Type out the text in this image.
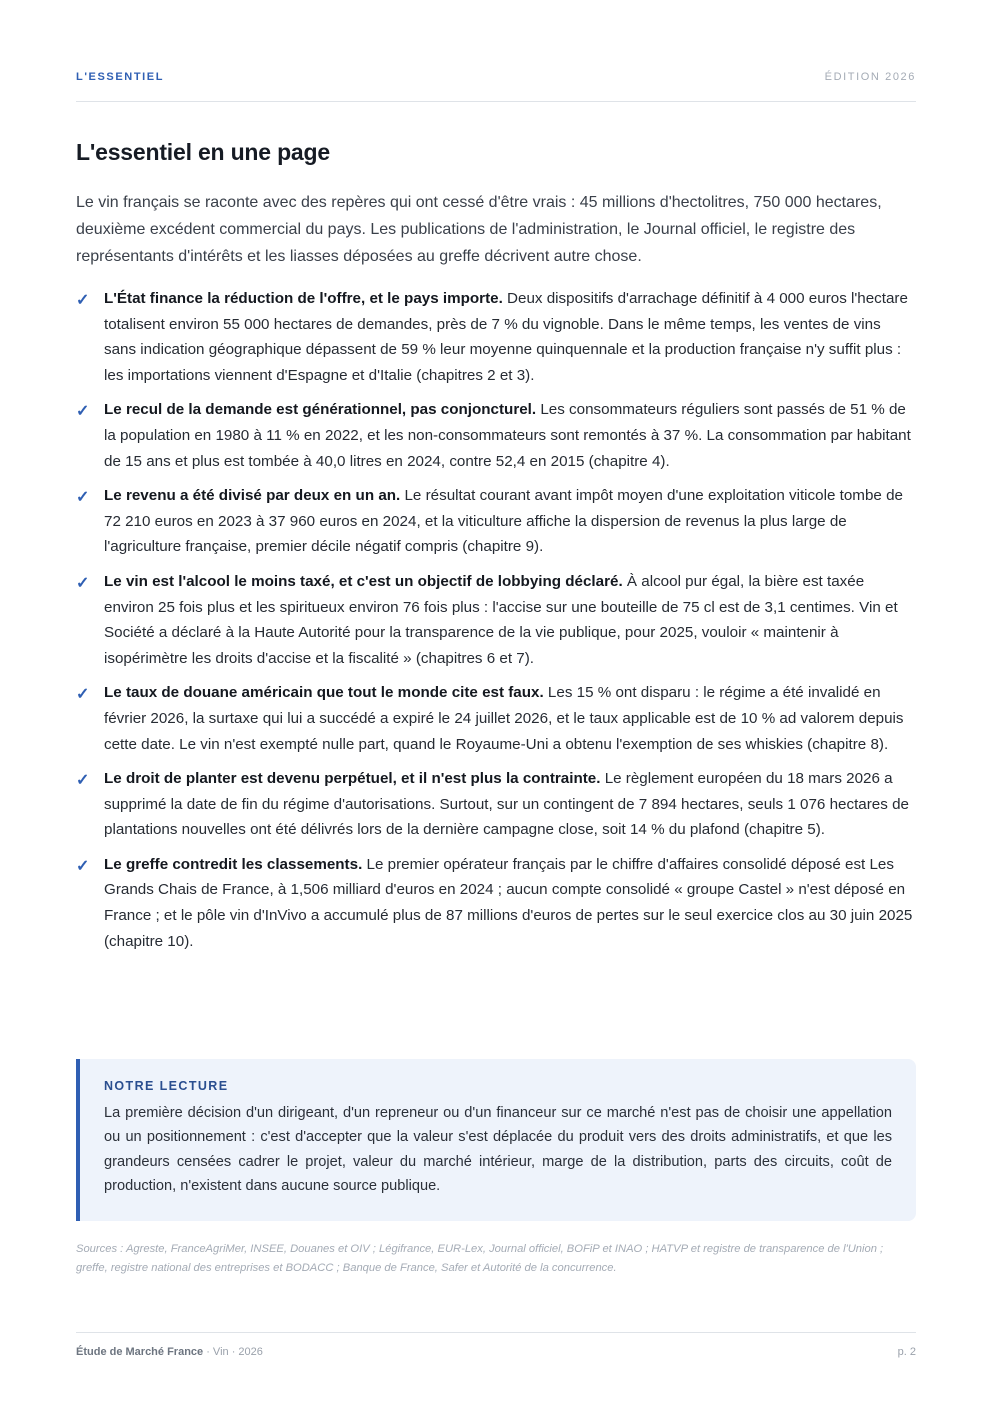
L'ESSENTIEL	ÉDITION 2026
L'essentiel en une page

Le vin français se raconte avec des repères qui ont cessé d'être vrais : 45 millions d'hectolitres, 750 000 hectares, deuxième excédent commercial du pays. Les publications de l'administration, le Journal officiel, le registre des représentants d'intérêts et les liasses déposées au greffe décrivent autre chose.

✓ L'État finance la réduction de l'offre, et le pays importe. Deux dispositifs d'arrachage définitif à 4 000 euros l'hectare totalisent environ 55 000 hectares de demandes, près de 7 % du vignoble. Dans le même temps, les ventes de vins sans indication géographique dépassent de 59 % leur moyenne quinquennale et la production française n'y suffit plus : les importations viennent d'Espagne et d'Italie (chapitres 2 et 3).
✓ Le recul de la demande est générationnel, pas conjoncturel. Les consommateurs réguliers sont passés de 51 % de la population en 1980 à 11 % en 2022, et les non-consommateurs sont remontés à 37 %. La consommation par habitant de 15 ans et plus est tombée à 40,0 litres en 2024, contre 52,4 en 2015 (chapitre 4).
✓ Le revenu a été divisé par deux en un an. Le résultat courant avant impôt moyen d'une exploitation viticole tombe de 72 210 euros en 2023 à 37 960 euros en 2024, et la viticulture affiche la dispersion de revenus la plus large de l'agriculture française, premier décile négatif compris (chapitre 9).
✓ Le vin est l'alcool le moins taxé, et c'est un objectif de lobbying déclaré. À alcool pur égal, la bière est taxée environ 25 fois plus et les spiritueux environ 76 fois plus : l'accise sur une bouteille de 75 cl est de 3,1 centimes. Vin et Société a déclaré à la Haute Autorité pour la transparence de la vie publique, pour 2025, vouloir « maintenir à isopérimètre les droits d'accise et la fiscalité » (chapitres 6 et 7).
✓ Le taux de douane américain que tout le monde cite est faux. Les 15 % ont disparu : le régime a été invalidé en février 2026, la surtaxe qui lui a succédé a expiré le 24 juillet 2026, et le taux applicable est de 10 % ad valorem depuis cette date. Le vin n'est exempté nulle part, quand le Royaume-Uni a obtenu l'exemption de ses whiskies (chapitre 8).
✓ Le droit de planter est devenu perpétuel, et il n'est plus la contrainte. Le règlement européen du 18 mars 2026 a supprimé la date de fin du régime d'autorisations. Surtout, sur un contingent de 7 894 hectares, seuls 1 076 hectares de plantations nouvelles ont été délivrés lors de la dernière campagne close, soit 14 % du plafond (chapitre 5).
✓ Le greffe contredit les classements. Le premier opérateur français par le chiffre d'affaires consolidé déposé est Les Grands Chais de France, à 1,506 milliard d'euros en 2024 ; aucun compte consolidé « groupe Castel » n'est déposé en France ; et le pôle vin d'InVivo a accumulé plus de 87 millions d'euros de pertes sur le seul exercice clos au 30 juin 2025 (chapitre 10).

NOTRE LECTURE

La première décision d'un dirigeant, d'un repreneur ou d'un financeur sur ce marché n'est pas de choisir une appellation ou un positionnement : c'est d'accepter que la valeur s'est déplacée du produit vers des droits administratifs, et que les grandeurs censées cadrer le projet, valeur du marché intérieur, marge de la distribution, parts des circuits, coût de production, n'existent dans aucune source publique.

Sources : Agreste, FranceAgriMer, INSEE, Douanes et OIV ; Légifrance, EUR-Lex, Journal officiel, BOFiP et INAO ; HATVP et registre de transparence de l'Union ; greffe, registre national des entreprises et BODACC ; Banque de France, Safer et Autorité de la concurrence.

Étude de Marché France · Vin · 2026	p. 2
